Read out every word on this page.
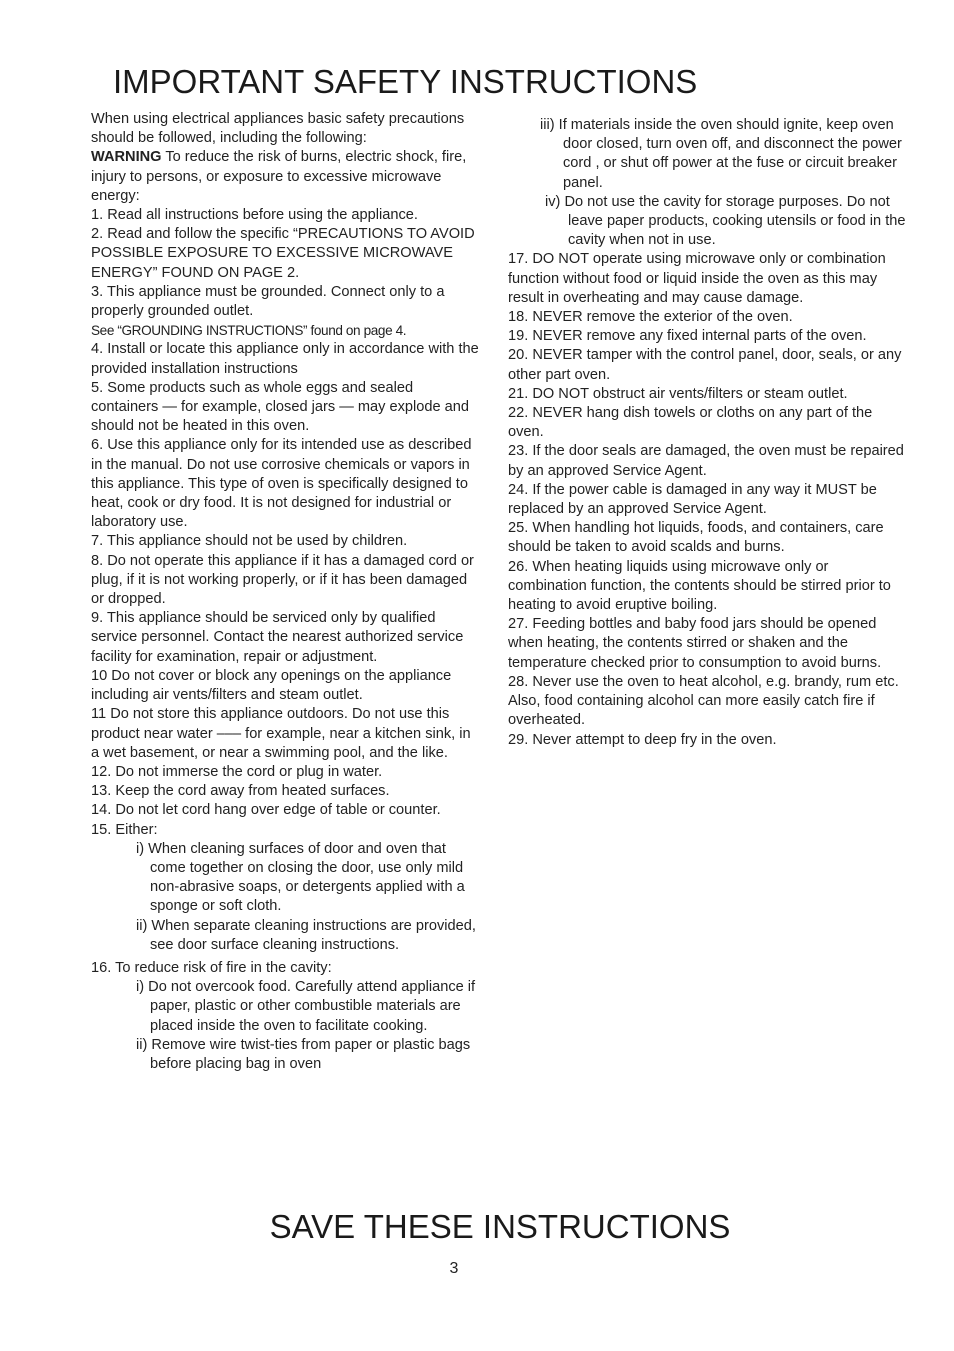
IMPORTANT SAFETY INSTRUCTIONS

When using electrical appliances basic safety precautions should be followed, including the following:

WARNING To reduce the risk of burns, electric shock, fire, injury to persons, or exposure to excessive microwave energy:

1. Read all instructions before using the appliance.

2. Read and follow the specific “PRECAUTIONS TO AVOID POSSIBLE EXPOSURE TO EXCESSIVE MICROWAVE ENERGY” FOUND ON PAGE 2.

3. This appliance must be grounded. Connect only to a properly grounded outlet.

See “GROUNDING INSTRUCTIONS” found on page 4.

4. Install or locate this appliance only in accordance with the provided installation instructions

5. Some products such as whole eggs and sealed containers — for example, closed jars — may explode and should not be heated in this oven.

6. Use this appliance only for its intended use as described in the manual. Do not use corrosive chemicals or vapors in this appliance. This type of oven is specifically designed to heat, cook or dry food. It is not designed for industrial or laboratory use.

7. This appliance should not be used by children.

8. Do not operate this appliance if it has a damaged cord or plug, if it is not working properly, or if it has been damaged or dropped.

9. This appliance should be serviced only by qualified service personnel. Contact the nearest authorized service facility for examination, repair or adjustment.

10 Do not cover or block any openings on the appliance including air vents/filters and steam outlet.

11 Do not store this appliance outdoors. Do not use this product near water ––– for example, near a kitchen sink, in a wet basement, or near a swimming pool, and the like.

12. Do not immerse the cord or plug in water.

13. Keep the cord away from heated surfaces.

14. Do not let cord hang over edge of table or counter.

15. Either:

i) When cleaning surfaces of door and oven that come together on closing the door, use only mild non-abrasive soaps, or detergents applied with a sponge or soft cloth.

ii) When separate cleaning instructions are provided, see door surface cleaning instructions.

16. To reduce risk of fire in the cavity:

i) Do not overcook food. Carefully attend appliance if paper, plastic or other combustible materials are placed inside the oven to facilitate cooking.

ii) Remove wire twist-ties from paper or plastic bags before placing bag in oven

iii) If materials inside the oven should ignite, keep oven door closed, turn oven off, and disconnect the power cord , or shut off power at the fuse or circuit breaker panel.

iv) Do not use the cavity for storage purposes. Do not leave paper products, cooking utensils or food in the cavity when not in use.

17. DO NOT operate using microwave only or combination function without food or liquid inside the oven as this may result in overheating and may cause damage.

18. NEVER remove the exterior of the oven.

19. NEVER remove any fixed internal parts of the oven.

20. NEVER tamper with the control panel, door, seals, or any other part oven.

21. DO NOT obstruct air vents/filters or steam outlet.

22. NEVER hang dish towels or cloths on any part of the oven.

23. If the door seals are damaged, the oven must be repaired by an approved Service Agent.

24. If the power cable is damaged in any way it MUST be replaced by an approved Service Agent.

25. When handling hot liquids, foods, and containers, care should be taken to avoid scalds and burns.

26. When heating liquids using microwave only or combination function, the contents should be stirred prior to heating to avoid eruptive boiling.

27. Feeding bottles and baby food jars should be opened when heating, the contents stirred or shaken and the temperature checked prior to consumption to avoid burns.

28. Never use the oven to heat alcohol, e.g. brandy, rum etc. Also, food containing alcohol can more easily catch fire if overheated.

29. Never attempt to deep fry in the oven.

SAVE THESE INSTRUCTIONS
3
